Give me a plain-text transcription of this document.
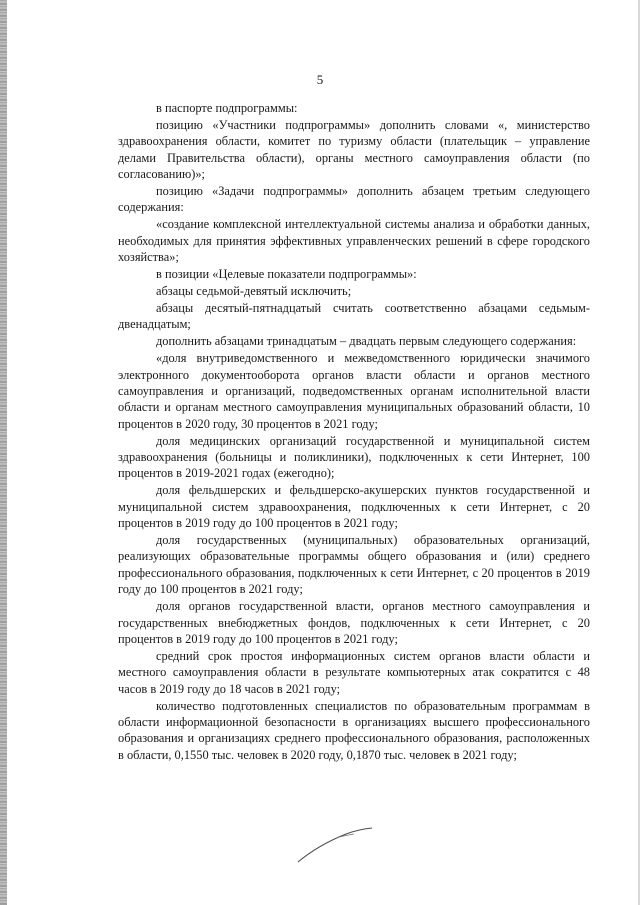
5

в паспорте подпрограммы:

позицию «Участники подпрограммы» дополнить словами «, министерство здравоохранения области, комитет по туризму области (плательщик – управление делами Правительства области), органы местного самоуправления области (по согласованию)»;

позицию «Задачи подпрограммы» дополнить абзацем третьим следующего содержания:

«создание комплексной интеллектуальной системы анализа и обработки данных, необходимых для принятия эффективных управленческих решений в сфере городского хозяйства»;

в позиции «Целевые показатели подпрограммы»:

абзацы седьмой-девятый исключить;

абзацы десятый-пятнадцатый считать соответственно абзацами седьмым-двенадцатым;

дополнить абзацами тринадцатым – двадцать первым следующего содержания:

«доля внутриведомственного и межведомственного юридически значимого электронного документооборота органов власти области и органов местного самоуправления и организаций, подведомственных органам исполнительной власти области и органам местного самоуправления муниципальных образований области, 10 процентов в 2020 году, 30 процентов в 2021 году;

доля медицинских организаций государственной и муниципальной систем здравоохранения (больницы и поликлиники), подключенных к сети Интернет, 100 процентов в 2019-2021 годах (ежегодно);

доля фельдшерских и фельдшерско-акушерских пунктов государственной и муниципальной систем здравоохранения, подключенных к сети Интернет, с 20 процентов в 2019 году до 100 процентов в 2021 году;

доля государственных (муниципальных) образовательных организаций, реализующих образовательные программы общего образования и (или) среднего профессионального образования, подключенных к сети Интернет, с 20 процентов в 2019 году до 100 процентов в 2021 году;

доля органов государственной власти, органов местного самоуправления и государственных внебюджетных фондов, подключенных к сети Интернет, с 20 процентов в 2019 году до 100 процентов в 2021 году;

средний срок простоя информационных систем органов власти области и местного самоуправления области в результате компьютерных атак сократится с 48 часов в 2019 году до 18 часов в 2021 году;

количество подготовленных специалистов по образовательным программам в области информационной безопасности в организациях высшего профессионального образования и организациях среднего профессионального образования, расположенных в области, 0,1550 тыс. человек в 2020 году, 0,1870 тыс. человек в 2021 году;
